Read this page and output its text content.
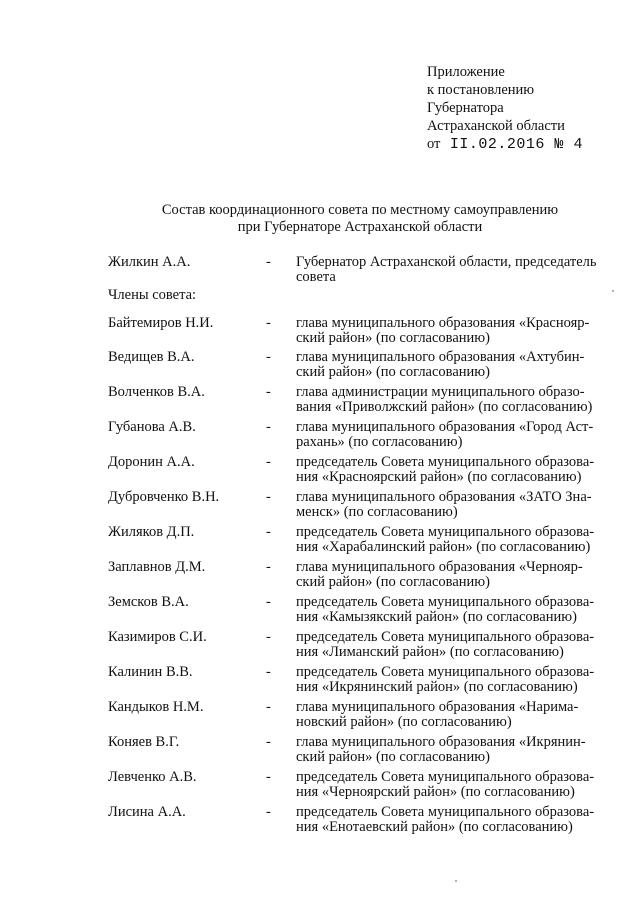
Приложение
к постановлению
Губернатора
Астраханской области
от II.02.2016 № 4
Состав координационного совета по местному самоуправлению
при Губернаторе Астраханской области
Жилкин А.А.	- Губернатор Астраханской области, председатель
совета
Члены совета:
Байтемиров Н.И.	- глава муниципального образования «Краснояр-
ский район» (по согласованию)
Ведищев В.А.	- глава муниципального образования «Ахтубин-
ский район» (по согласованию)
Волченков В.А.	- глава администрации муниципального образо-
вания «Приволжский район» (по согласованию)
Губанова А.В.	- глава муниципального образования «Город Аст-
рахань» (по согласованию)
Доронин А.А.	- председатель Совета муниципального образова-
ния «Красноярский район» (по согласованию)
Дубровченко В.Н.	- глава муниципального образования «ЗАТО Зна-
менск» (по согласованию)
Жиляков Д.П.	- председатель Совета муниципального образова-
ния «Харабалинский район» (по согласованию)
Заплавнов Д.М.	- глава муниципального образования «Чернояр-
ский район» (по согласованию)
Земсков В.А.	- председатель Совета муниципального образова-
ния «Камызякский район» (по согласованию)
Казимиров С.И.	- председатель Совета муниципального образова-
ния «Лиманский район» (по согласованию)
Калинин В.В.	- председатель Совета муниципального образова-
ния «Икрянинский район» (по согласованию)
Кандыков Н.М.	- глава муниципального образования «Нарима-
новский район» (по согласованию)
Коняев В.Г.	- глава муниципального образования «Икрянин-
ский район» (по согласованию)
Левченко А.В.	- председатель Совета муниципального образова-
ния «Черноярский район» (по согласованию)
Лисина А.А.	- председатель Совета муниципального образова-
ния «Енотаевский район» (по согласованию)
